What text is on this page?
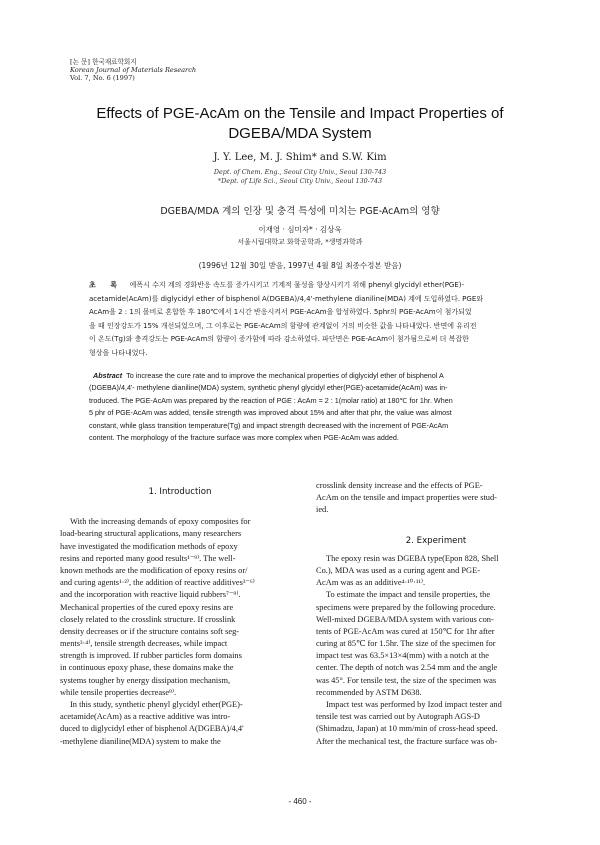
[논 문] 한국재료학회지
Korean Journal of Materials Research
Vol. 7, No. 6 (1997)
Effects of PGE-AcAm on the Tensile and Impact Properties of
DGEBA/MDA System
J. Y. Lee, M. J. Shim* and S.W. Kim
Dept. of Chem. Eng., Seoul City Univ., Seoul 130-743
*Dept. of Life Sci., Seoul City Univ., Seoul 130-743
DGEBA/MDA 계의 인장 및 충격 특성에 미치는 PGE-AcAm의 영향
이재영 · 심미자* · 김상욱
서울시립대학교 화학공학과, *생명과학과
(1996년 12월 30일 받음, 1997년 4월 8일 최종수정본 받음)
초 록 에폭시 수지 계의 경화반응 속도를 증가시키고 기계적 물성을 향상시키기 위해 phenyl glycidyl ether(PGE)-
acetamide(AcAm)를 diglycidyl ether of bisphenol A(DGEBA)/4,4'-methylene dianiline(MDA) 계에 도입하였다. PGE와
AcAm을 2 : 1의 몰비로 혼합한 후 180℃에서 1시간 반응시켜서 PGE-AcAm을 합성하였다. 5phr의 PGE-AcAm이 첨가되었
을 때 인장강도가 15% 개선되었으며, 그 이후로는 PGE-AcAm의 함량에 관계없이 거의 비슷한 값을 나타내었다. 반면에 유리전
이 온도(Tg)와 충격강도는 PGE-AcAm의 함량이 증가함에 따라 감소하였다. 파단면은 PGE-AcAm이 첨가됨으로써 더 복잡한
형상을 나타내었다.
Abstract To increase the cure rate and to improve the mechanical properties of diglycidyl ether of bisphenol A
(DGEBA)/4,4'- methylene dianiline(MDA) system, synthetic phenyl glycidyl ether(PGE)-acetamide(AcAm) was in-
troduced. The PGE-AcAm was prepared by the reaction of PGE : AcAm = 2 : 1(molar ratio) at 180℃ for 1hr. When
5 phr of PGE-AcAm was added, tensile strength was improved about 15% and after that phr, the value was almost
constant, while glass transition temperature(Tg) and impact strength decreased with the increment of PGE-AcAm
content. The morphology of the fracture surface was more complex when PGE-AcAm was added.
1. Introduction
With the increasing demands of epoxy composites for
load-bearing structural applications, many researchers
have investigated the modification methods of epoxy
resins and reported many good results¹⁻⁹⁾. The well-
known methods are the modification of epoxy resins or/
and curing agents¹·²⁾, the addition of reactive additives³⁻⁶⁾
and the incorporation with reactive liquid rubbers⁷⁻⁹⁾.
Mechanical properties of the cured epoxy resins are
closely related to the crosslink structure. If crosslink
density decreases or if the structure contains soft seg-
ments³·⁴⁾, tensile strength decreases, while impact
strength is improved. If rubber particles form domains
in continuous epoxy phase, these domains make the
systems tougher by energy dissipation mechanism,
while tensile properties decrease⁹⁾.
In this study, synthetic phenyl glycidyl ether(PGE)-
acetamide(AcAm) as a reactive additive was intro-
duced to diglycidyl ether of bisphenol A(DGEBA)/4,4'
-methylene dianiline(MDA) system to make the
crosslink density increase and the effects of PGE-
AcAm on the tensile and impact properties were stud-
ied.
2. Experiment
The epoxy resin was DGEBA type(Epon 828, Shell
Co.), MDA was used as a curing agent and PGE-
AcAm was as an additive⁴·¹⁰·¹¹⁾.
To estimate the impact and tensile properties, the
specimens were prepared by the following procedure.
Well-mixed DGEBA/MDA system with various con-
tents of PGE-AcAm was cured at 150℃ for 1hr after
curing at 85℃ for 1.5hr. The size of the specimen for
impact test was 63.5×13×4(mm) with a notch at the
center. The depth of notch was 2.54 mm and the angle
was 45°. For tensile test, the size of the specimen was
recommended by ASTM D638.
Impact test was performed by Izod impact tester and
tensile test was carried out by Autograph AGS-D
(Shimadzu, Japan) at 10 mm/min of cross-head speed.
After the mechanical test, the fracture surface was ob-
- 460 -
